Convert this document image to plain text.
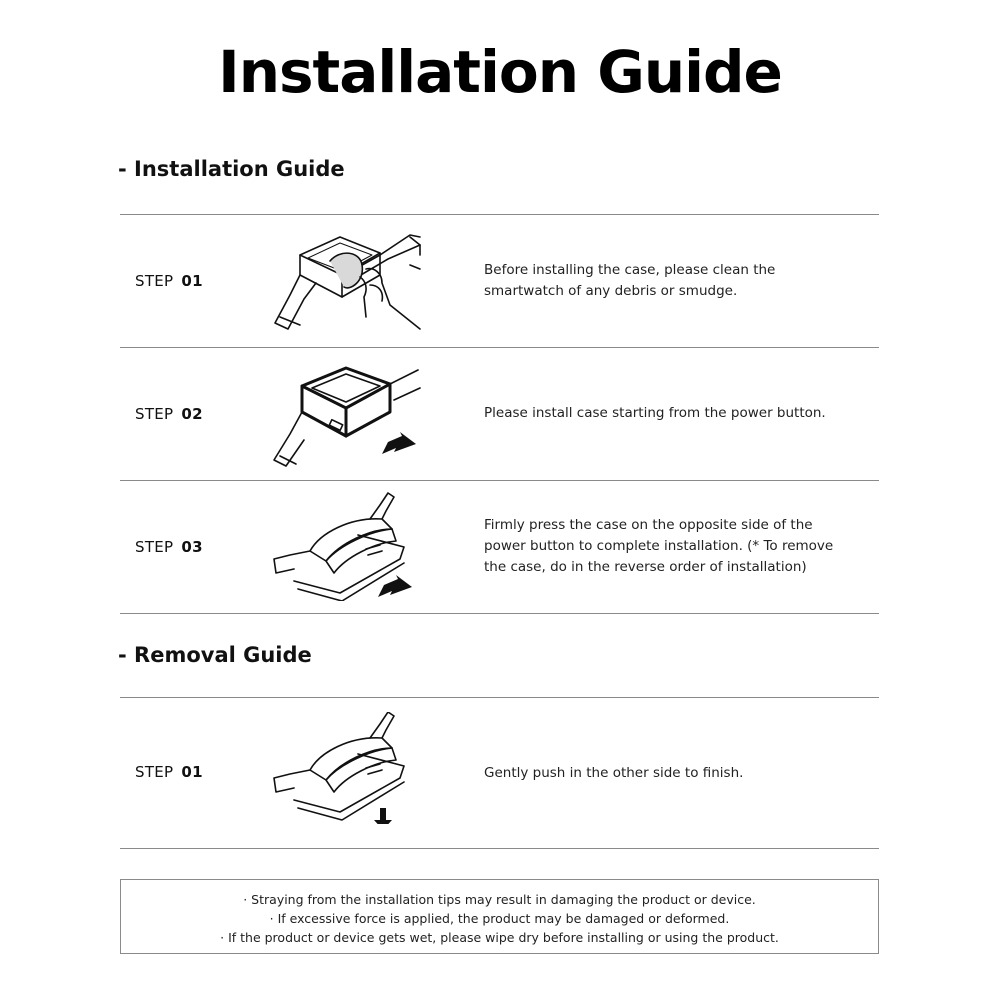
Installation Guide
- Installation Guide
STEP 01
Before installing the case, please clean the smartwatch of any debris or smudge.
STEP 02	Please install case starting from the power button.
STEP 03
Firmly press the case on the opposite side of the power button to complete installation. (* To remove the case, do in the reverse order of installation)
- Removal Guide
STEP 01	Gently push in the other side to finish.
· Straying from the installation tips may result in damaging the product or device.
· If excessive force is applied, the product may be damaged or deformed.
· If the product or device gets wet, please wipe dry before installing or using the product.
